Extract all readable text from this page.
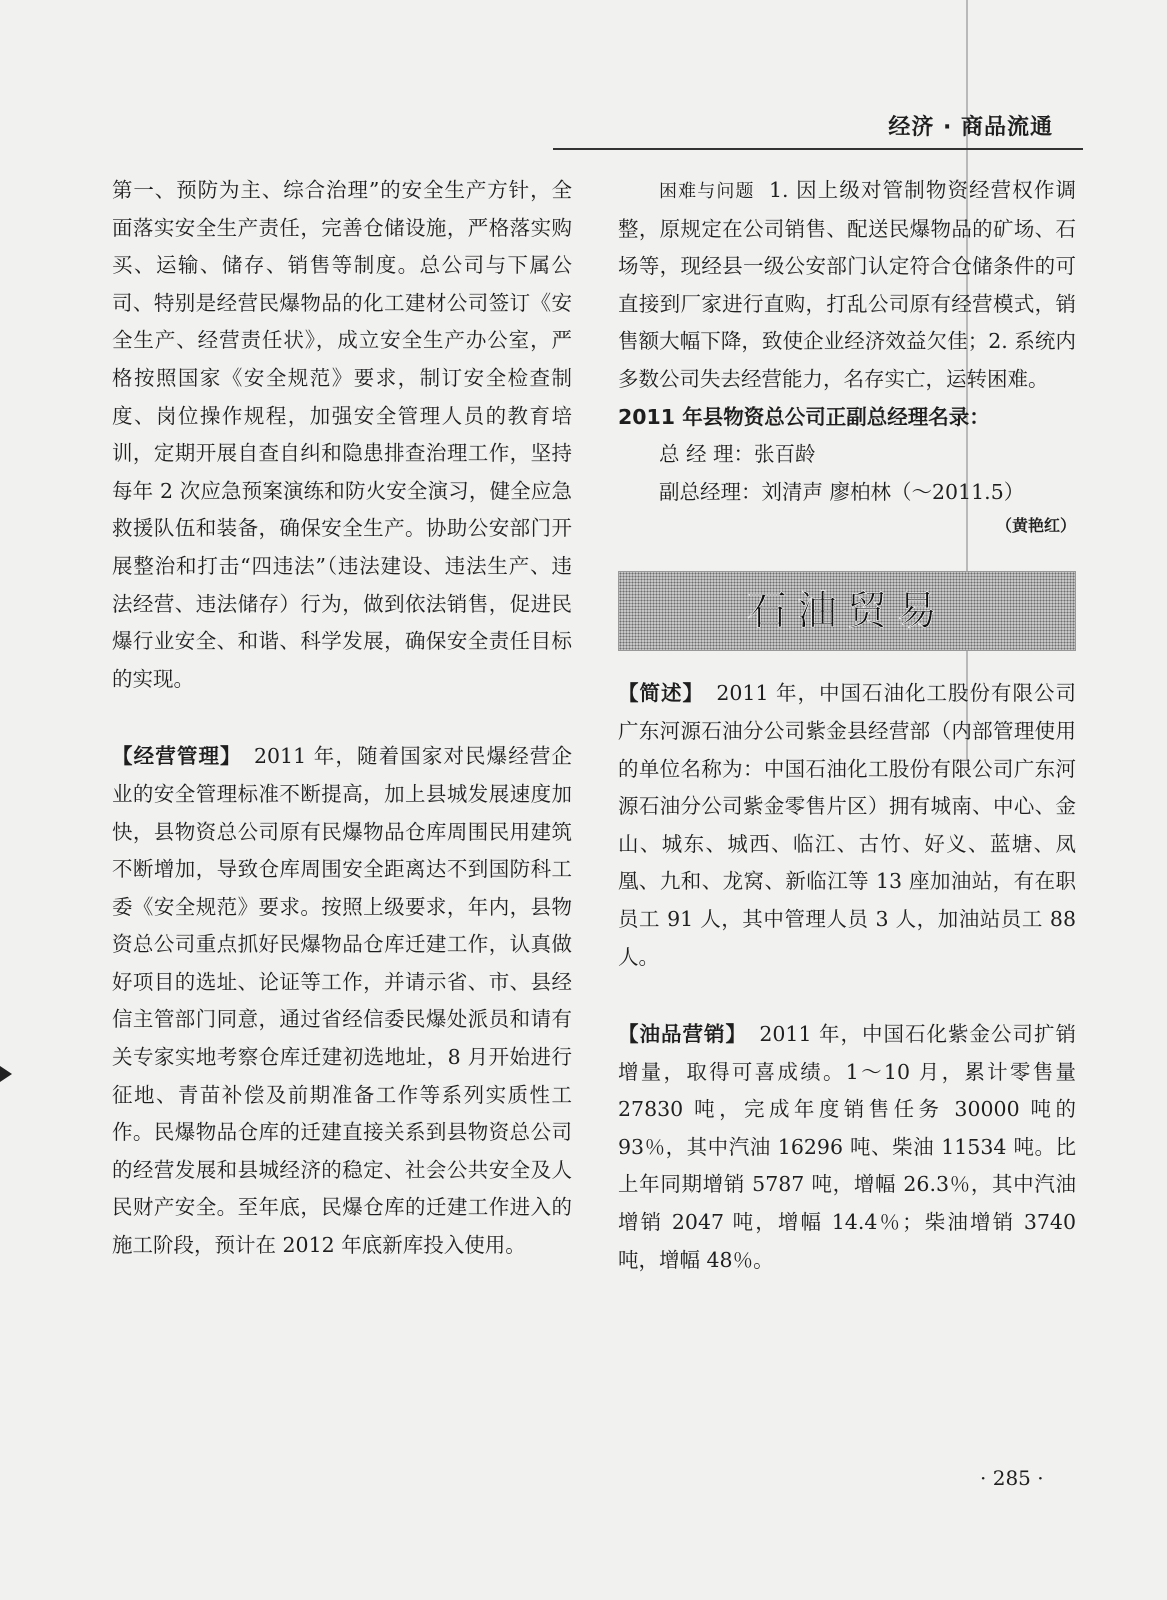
经济 · 商品流通

第一、预防为主、综合治理”的安全生产方针，全面落实安全生产责任，完善仓储设施，严格落实购买、运输、储存、销售等制度。总公司与下属公司、特别是经营民爆物品的化工建材公司签订《安全生产、经营责任状》，成立安全生产办公室，严格按照国家《安全规范》要求，制订安全检查制度、岗位操作规程，加强安全管理人员的教育培训，定期开展自查自纠和隐患排查治理工作，坚持每年 2 次应急预案演练和防火安全演习，健全应急救援队伍和装备，确保安全生产。协助公安部门开展整治和打击“四违法”（违法建设、违法生产、违法经营、违法储存）行为，做到依法销售，促进民爆行业安全、和谐、科学发展，确保安全责任目标的实现。

【经营管理】 2011 年，随着国家对民爆经营企业的安全管理标准不断提高，加上县城发展速度加快，县物资总公司原有民爆物品仓库周围民用建筑不断增加，导致仓库周围安全距离达不到国防科工委《安全规范》要求。按照上级要求，年内，县物资总公司重点抓好民爆物品仓库迁建工作，认真做好项目的选址、论证等工作，并请示省、市、县经信主管部门同意，通过省经信委民爆处派员和请有关专家实地考察仓库迁建初选地址，8 月开始进行征地、青苗补偿及前期准备工作等系列实质性工作。民爆物品仓库的迁建直接关系到县物资总公司的经营发展和县城经济的稳定、社会公共安全及人民财产安全。至年底，民爆仓库的迁建工作进入的施工阶段，预计在 2012 年底新库投入使用。

困难与问题 1. 因上级对管制物资经营权作调整，原规定在公司销售、配送民爆物品的矿场、石场等，现经县一级公安部门认定符合仓储条件的可直接到厂家进行直购，打乱公司原有经营模式，销售额大幅下降，致使企业经济效益欠佳；2. 系统内多数公司失去经营能力，名存实亡，运转困难。

2011 年县物资总公司正副总经理名录：

总 经 理：张百龄

副总经理：刘清声 廖柏林（～2011.5）

（黄艳红）

石油贸易

【简述】 2011 年，中国石油化工股份有限公司广东河源石油分公司紫金县经营部（内部管理使用的单位名称为：中国石油化工股份有限公司广东河源石油分公司紫金零售片区）拥有城南、中心、金山、城东、城西、临江、古竹、好义、蓝塘、凤凰、九和、龙窝、新临江等 13 座加油站，有在职员工 91 人，其中管理人员 3 人，加油站员工 88 人。

【油品营销】 2011 年，中国石化紫金公司扩销增量，取得可喜成绩。1～10 月，累计零售量 27830 吨，完成年度销售任务 30000 吨的 93％，其中汽油 16296 吨、柴油 11534 吨。比上年同期增销 5787 吨，增幅 26.3％，其中汽油增销 2047 吨，增幅 14.4％；柴油增销 3740 吨，增幅 48％。

· 285 ·
